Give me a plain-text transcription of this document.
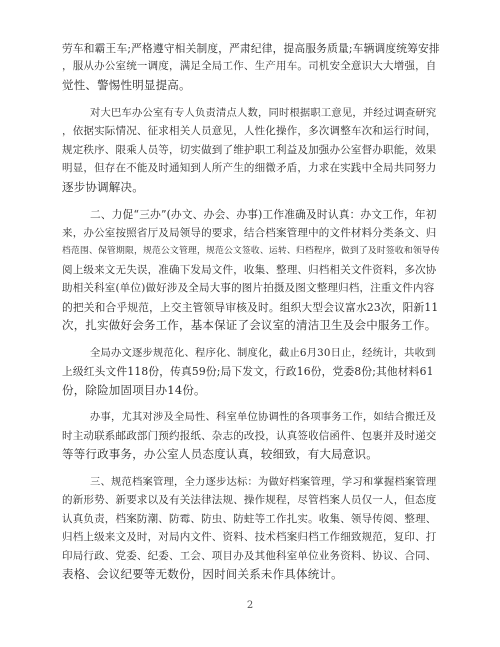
劳车和霸王车;严格遵守相关制度，严肃纪律，提高服务质量;车辆调度统筹安排
，服从办公室统一调度，满足全局工作、生产用车。司机安全意识大大增强，自
觉性、警惕性明显提高。
对大巴车办公室有专人负责清点人数，同时根据职工意见，并经过调查研究
，依据实际情况、征求相关人员意见，人性化操作，多次调整车次和运行时间，
规定秩序、限乘人员等，切实做到了维护职工利益及加强办公室督办职能，效果
明显，但存在不能及时通知到人所产生的细微矛盾，力求在实践中全局共同努力
逐步协调解决。
二、力促“三办”(办文、办会、办事)工作准确及时认真：办文工作，年初
来，办公室按照省厅及局领导的要求，结合档案管理中的文件材料分类条文、归
档范围、保管期限，规范公文管理，规范公文签收、运转、归档程序，做到了及时签收和领导传
阅上级来文无失误，准确下发局文件，收集、整理、归档相关文件资料，多次协
助相关科室(单位)做好涉及全局大事的图片拍摄及图文整理归档，注重文件内容
的把关和合乎规范，上交主管领导审核及时。组织大型会议富水23次，阳新11
次，扎实做好会务工作，基本保证了会议室的清洁卫生及会中服务工作。
全局办文逐步规范化、程序化、制度化，截止6月30日止，经统计，共收到
上级红头文件118份，传真59份;局下发文，行政16份，党委8份;其他材料61
份，除险加固项目办14份。
办事，尤其对涉及全局性、科室单位协调性的各项事务工作，如结合搬迁及
时主动联系邮政部门预约报纸、杂志的改投，认真签收信函件、包裹并及时递交
等等行政事务，办公室人员态度认真，较细致，有大局意识。
三、规范档案管理，全力逐步达标：为做好档案管理，学习和掌握档案管理
的新形势、新要求以及有关法律法规、操作规程，尽管档案人员仅一人，但态度
认真负责，档案防潮、防霉、防虫、防蛀等工作扎实。收集、领导传阅、整理、
归档上级来文及时，对局内文件、资料、技术档案归档工作细致规范，复印、打
印局行政、党委、纪委、工会、项目办及其他科室单位业务资料、协议、合同、
表格、会议纪要等无数份，因时间关系未作具体统计。
2
